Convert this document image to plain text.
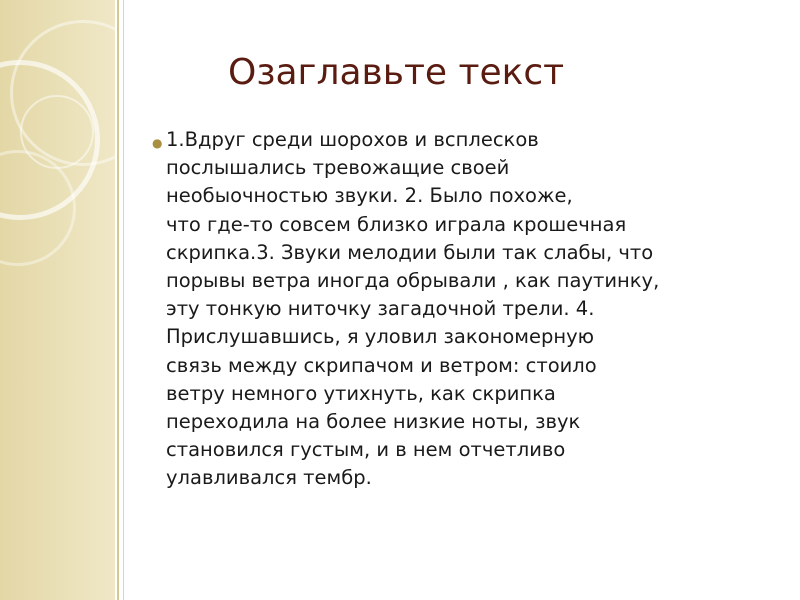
Озаглавьте текст
● 1.Вдруг среди шорохов и всплесков
послышались тревожащие своей
необыочностью звуки. 2. Было похоже,
что где-то совсем близко играла крошечная
скрипка.3. Звуки мелодии были так слабы, что
порывы ветра иногда обрывали , как паутинку,
эту тонкую ниточку загадочной трели. 4.
Прислушавшись, я уловил закономерную
связь между скрипачом и ветром: стоило
ветру немного утихнуть, как скрипка
переходила на более низкие ноты, звук
становился густым, и в нем отчетливо
улавливался тембр.
